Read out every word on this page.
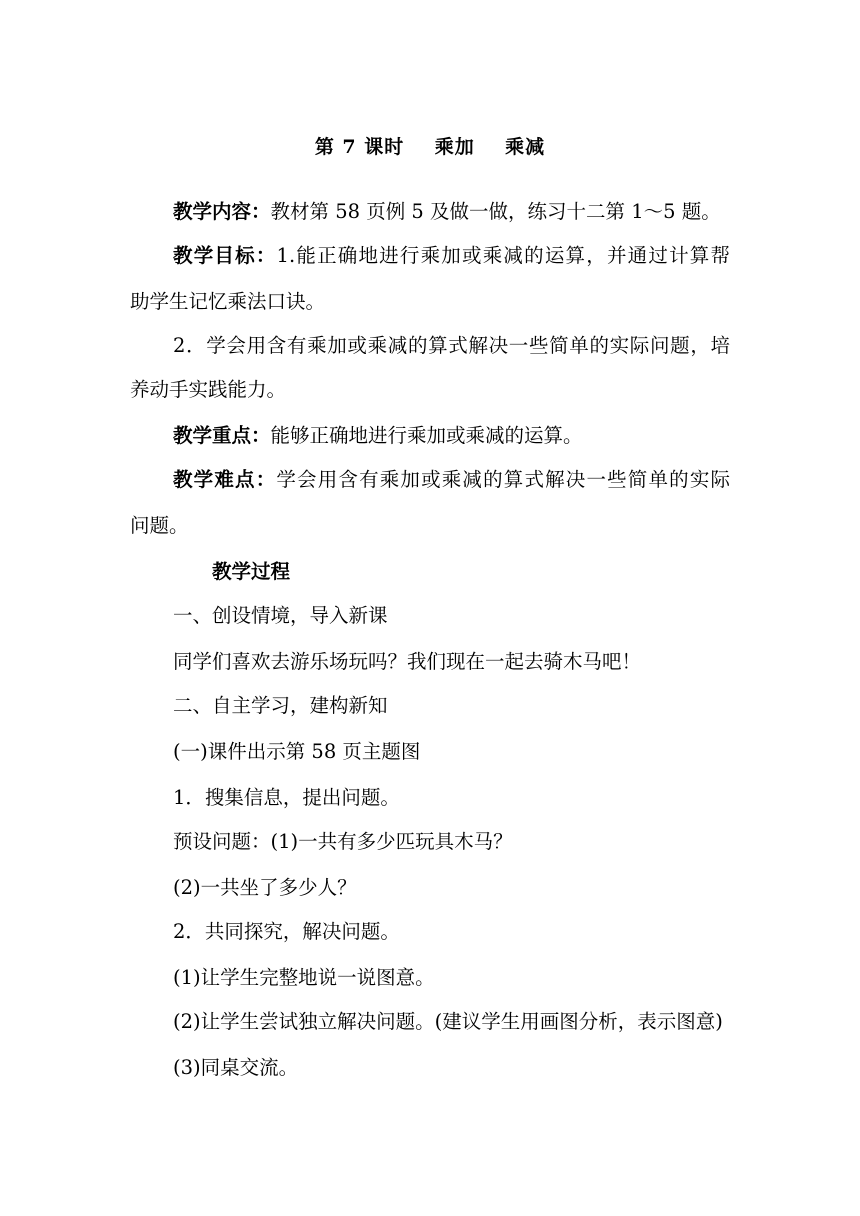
第 7 课时    乘加    乘减
教学内容：教材第 58 页例 5 及做一做，练习十二第 1～5 题。
教学目标：1.能正确地进行乘加或乘减的运算，并通过计算帮
助学生记忆乘法口诀。
2．学会用含有乘加或乘减的算式解决一些简单的实际问题，培
养动手实践能力。
教学重点：能够正确地进行乘加或乘减的运算。
教学难点：学会用含有乘加或乘减的算式解决一些简单的实际
问题。
教学过程
一、创设情境，导入新课
同学们喜欢去游乐场玩吗？我们现在一起去骑木马吧！
二、自主学习，建构新知
(一)课件出示第 58 页主题图
1．搜集信息，提出问题。
预设问题：(1)一共有多少匹玩具木马？
(2)一共坐了多少人？
2．共同探究，解决问题。
(1)让学生完整地说一说图意。
(2)让学生尝试独立解决问题。(建议学生用画图分析，表示图意)
(3)同桌交流。
